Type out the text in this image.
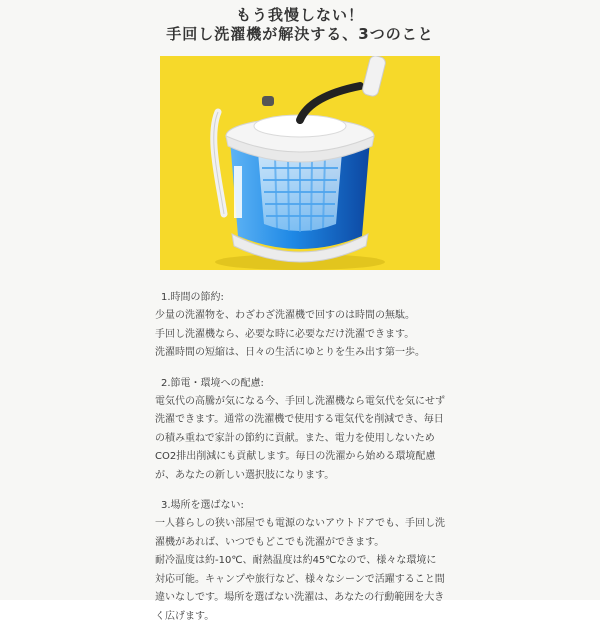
もう我慢しない！
手回し洗濯機が解決する、3つのこと
1.時間の節約:

少量の洗濯物を、わざわざ洗濯機で回すのは時間の無駄。
手回し洗濯機なら、必要な時に必要なだけ洗濯できます。
洗濯時間の短縮は、日々の生活にゆとりを生み出す第一歩。

2.節電・環境への配慮:

電気代の高騰が気になる今、手回し洗濯機なら電気代を気にせず
洗濯できます。通常の洗濯機で使用する電気代を削減でき、毎日
の積み重ねで家計の節約に貢献。また、電力を使用しないため
CO2排出削減にも貢献します。毎日の洗濯から始める環境配慮
が、あなたの新しい選択肢になります。

3.場所を選ばない:

一人暮らしの狭い部屋でも電源のないアウトドアでも、手回し洗
濯機があれば、いつでもどこでも洗濯ができます。
耐冷温度は約-10℃、耐熱温度は約45℃なので、様々な環境に
対応可能。キャンプや旅行など、様々なシーンで活躍すること間
違いなしです。場所を選ばない洗濯は、あなたの行動範囲を大き
く広げます。
